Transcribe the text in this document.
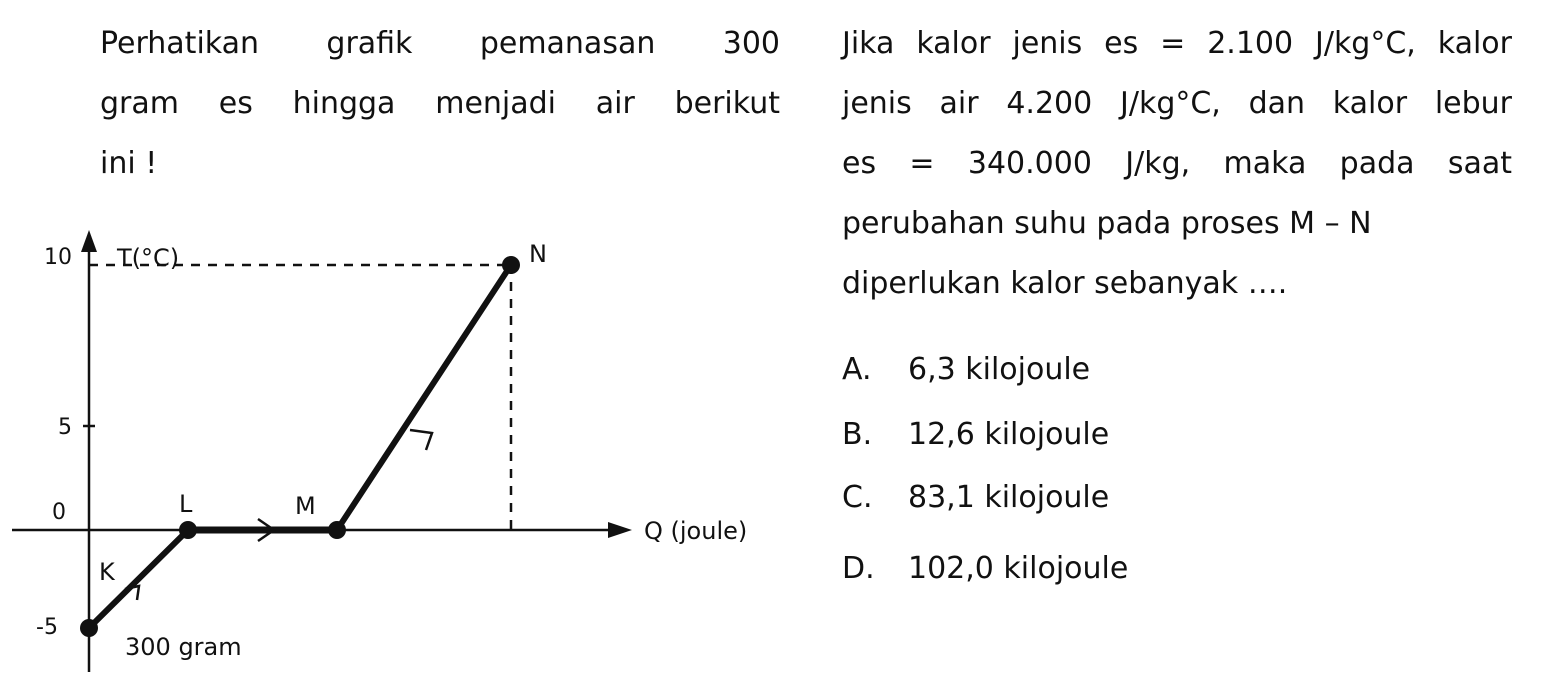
Perhatikan grafik pemanasan 300
gram es hingga menjadi air berikut
ini !
Jika kalor jenis es = 2.100 J/kg°C, kalor
jenis air 4.200 J/kg°C, dan kalor lebur
es = 340.000 J/kg, maka pada saat
perubahan suhu pada proses M – N
diperlukan kalor sebanyak ….
A. 6,3 kilojoule
B. 12,6 kilojoule
C. 83,1 kilojoule
D. 102,0 kilojoule
T(°C)
Q (joule)
10
5
0
-5
K
L	M
N
300 gram
